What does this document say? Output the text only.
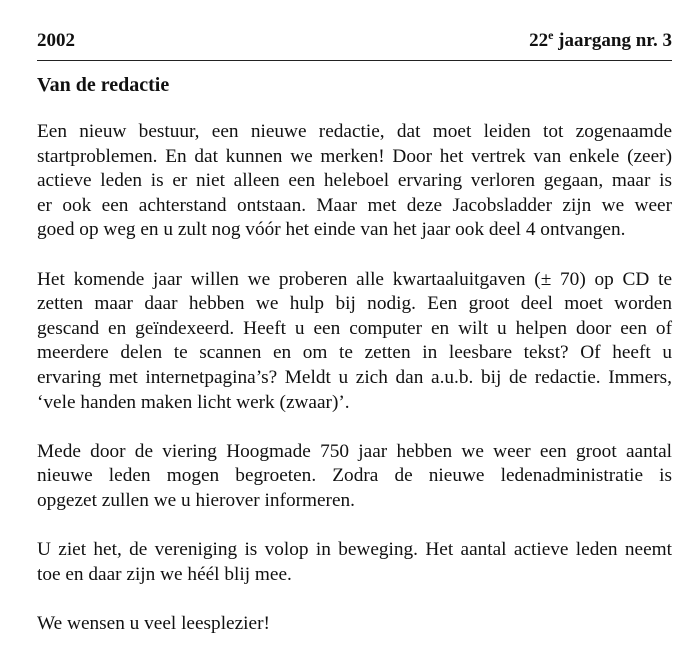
2002	22e jaargang nr. 3
Van de redactie

Een nieuw bestuur, een nieuwe redactie, dat moet leiden tot zogenaamde
startproblemen. En dat kunnen we merken! Door het vertrek van enkele (zeer)
actieve leden is er niet alleen een heleboel ervaring verloren gegaan, maar is
er ook een achterstand ontstaan. Maar met deze Jacobsladder zijn we weer
goed op weg en u zult nog vóór het einde van het jaar ook deel 4 ontvangen.

Het komende jaar willen we proberen alle kwartaaluitgaven (± 70) op CD te
zetten maar daar hebben we hulp bij nodig. Een groot deel moet worden
gescand en geïndexeerd. Heeft u een computer en wilt u helpen door een of
meerdere delen te scannen en om te zetten in leesbare tekst? Of heeft u
ervaring met internetpagina’s? Meldt u zich dan a.u.b. bij de redactie. Immers,
‘vele handen maken licht werk (zwaar)’.

Mede door de viering Hoogmade 750 jaar hebben we weer een groot aantal
nieuwe leden mogen begroeten. Zodra de nieuwe ledenadministratie is
opgezet zullen we u hierover informeren.

U ziet het, de vereniging is volop in beweging. Het aantal actieve leden neemt
toe en daar zijn we héél blij mee.

We wensen u veel leesplezier!
